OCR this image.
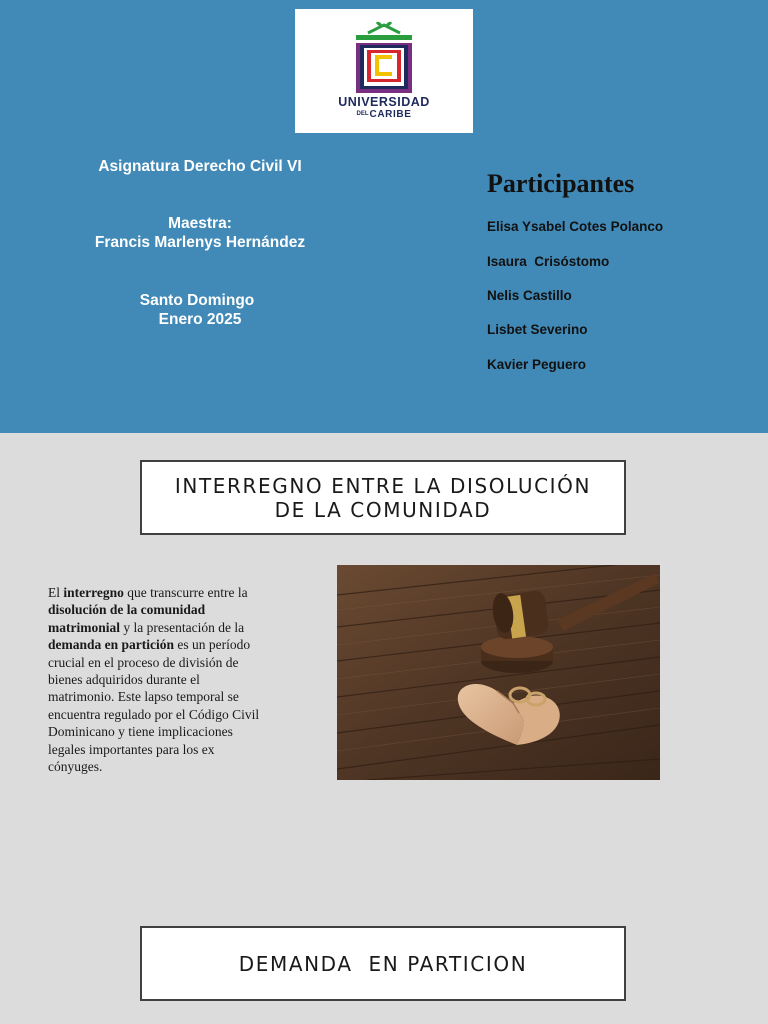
UNIVERSIDAD
DELCARIBE
Asignatura Derecho Civil VI
Maestra:
Francis Marlenys Hernández
Santo Domingo
Enero 2025
Participantes
Elisa Ysabel Cotes Polanco
Isaura  Crisóstomo
Nelis Castillo
Lisbet Severino
Kavier Peguero
INTERREGNO ENTRE LA DISOLUCIÓN
DE LA COMUNIDAD
El interregno que transcurre entre la disolución de la comunidad matrimonial y la presentación de la demanda en partición es un período crucial en el proceso de división de bienes adquiridos durante el matrimonio. Este lapso temporal se encuentra regulado por el Código Civil Dominicano y tiene implicaciones legales importantes para los ex cónyuges.
DEMANDA  EN PARTICION
